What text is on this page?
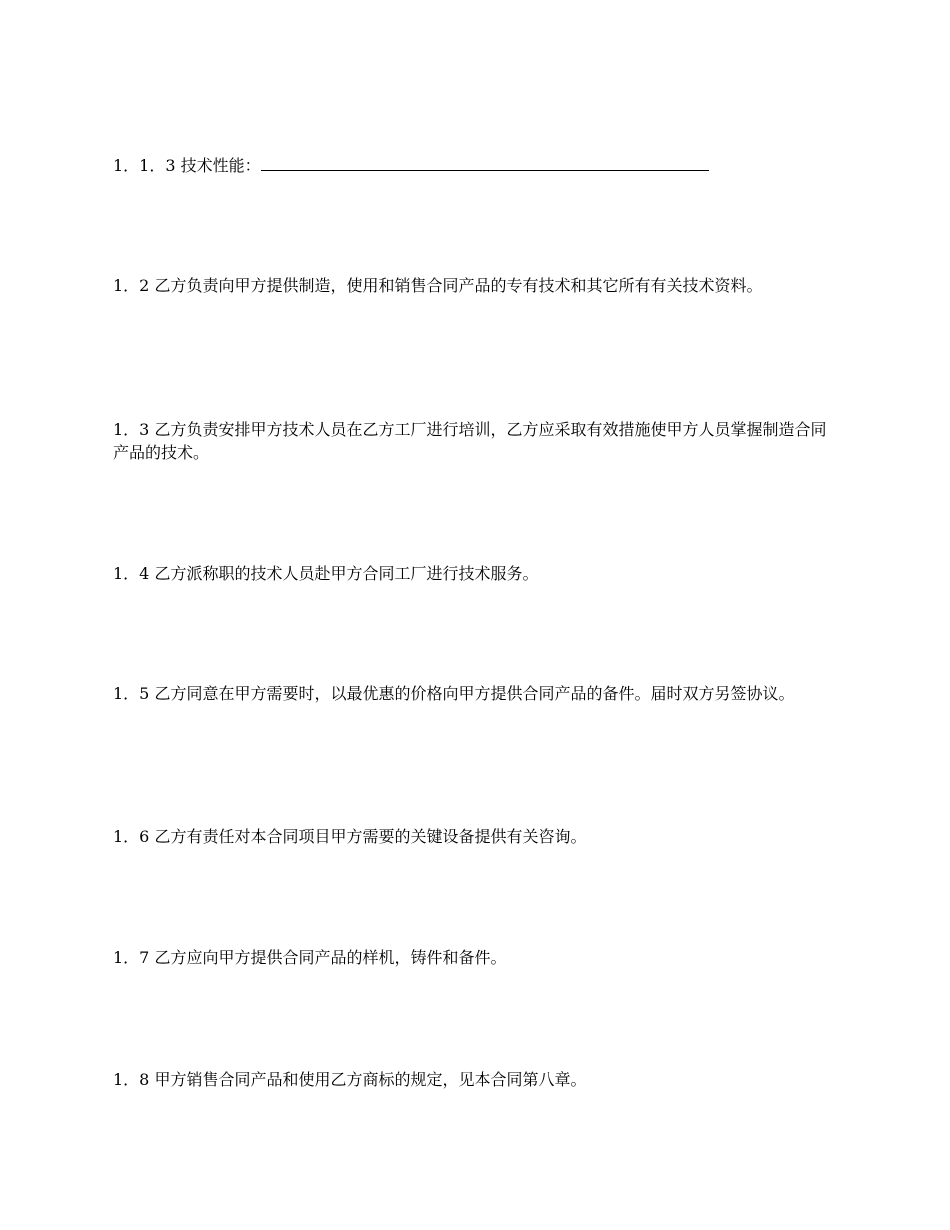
1．1．3 技术性能：

1．2 乙方负责向甲方提供制造，使用和销售合同产品的专有技术和其它所有有关技术资料。

1．3 乙方负责安排甲方技术人员在乙方工厂进行培训，乙方应采取有效措施使甲方人员掌握制造合同产品的技术。

1．4 乙方派称职的技术人员赴甲方合同工厂进行技术服务。

1．5 乙方同意在甲方需要时，以最优惠的价格向甲方提供合同产品的备件。届时双方另签协议。

1．6 乙方有责任对本合同项目甲方需要的关键设备提供有关咨询。

1．7 乙方应向甲方提供合同产品的样机，铸件和备件。

1．8 甲方销售合同产品和使用乙方商标的规定，见本合同第八章。
